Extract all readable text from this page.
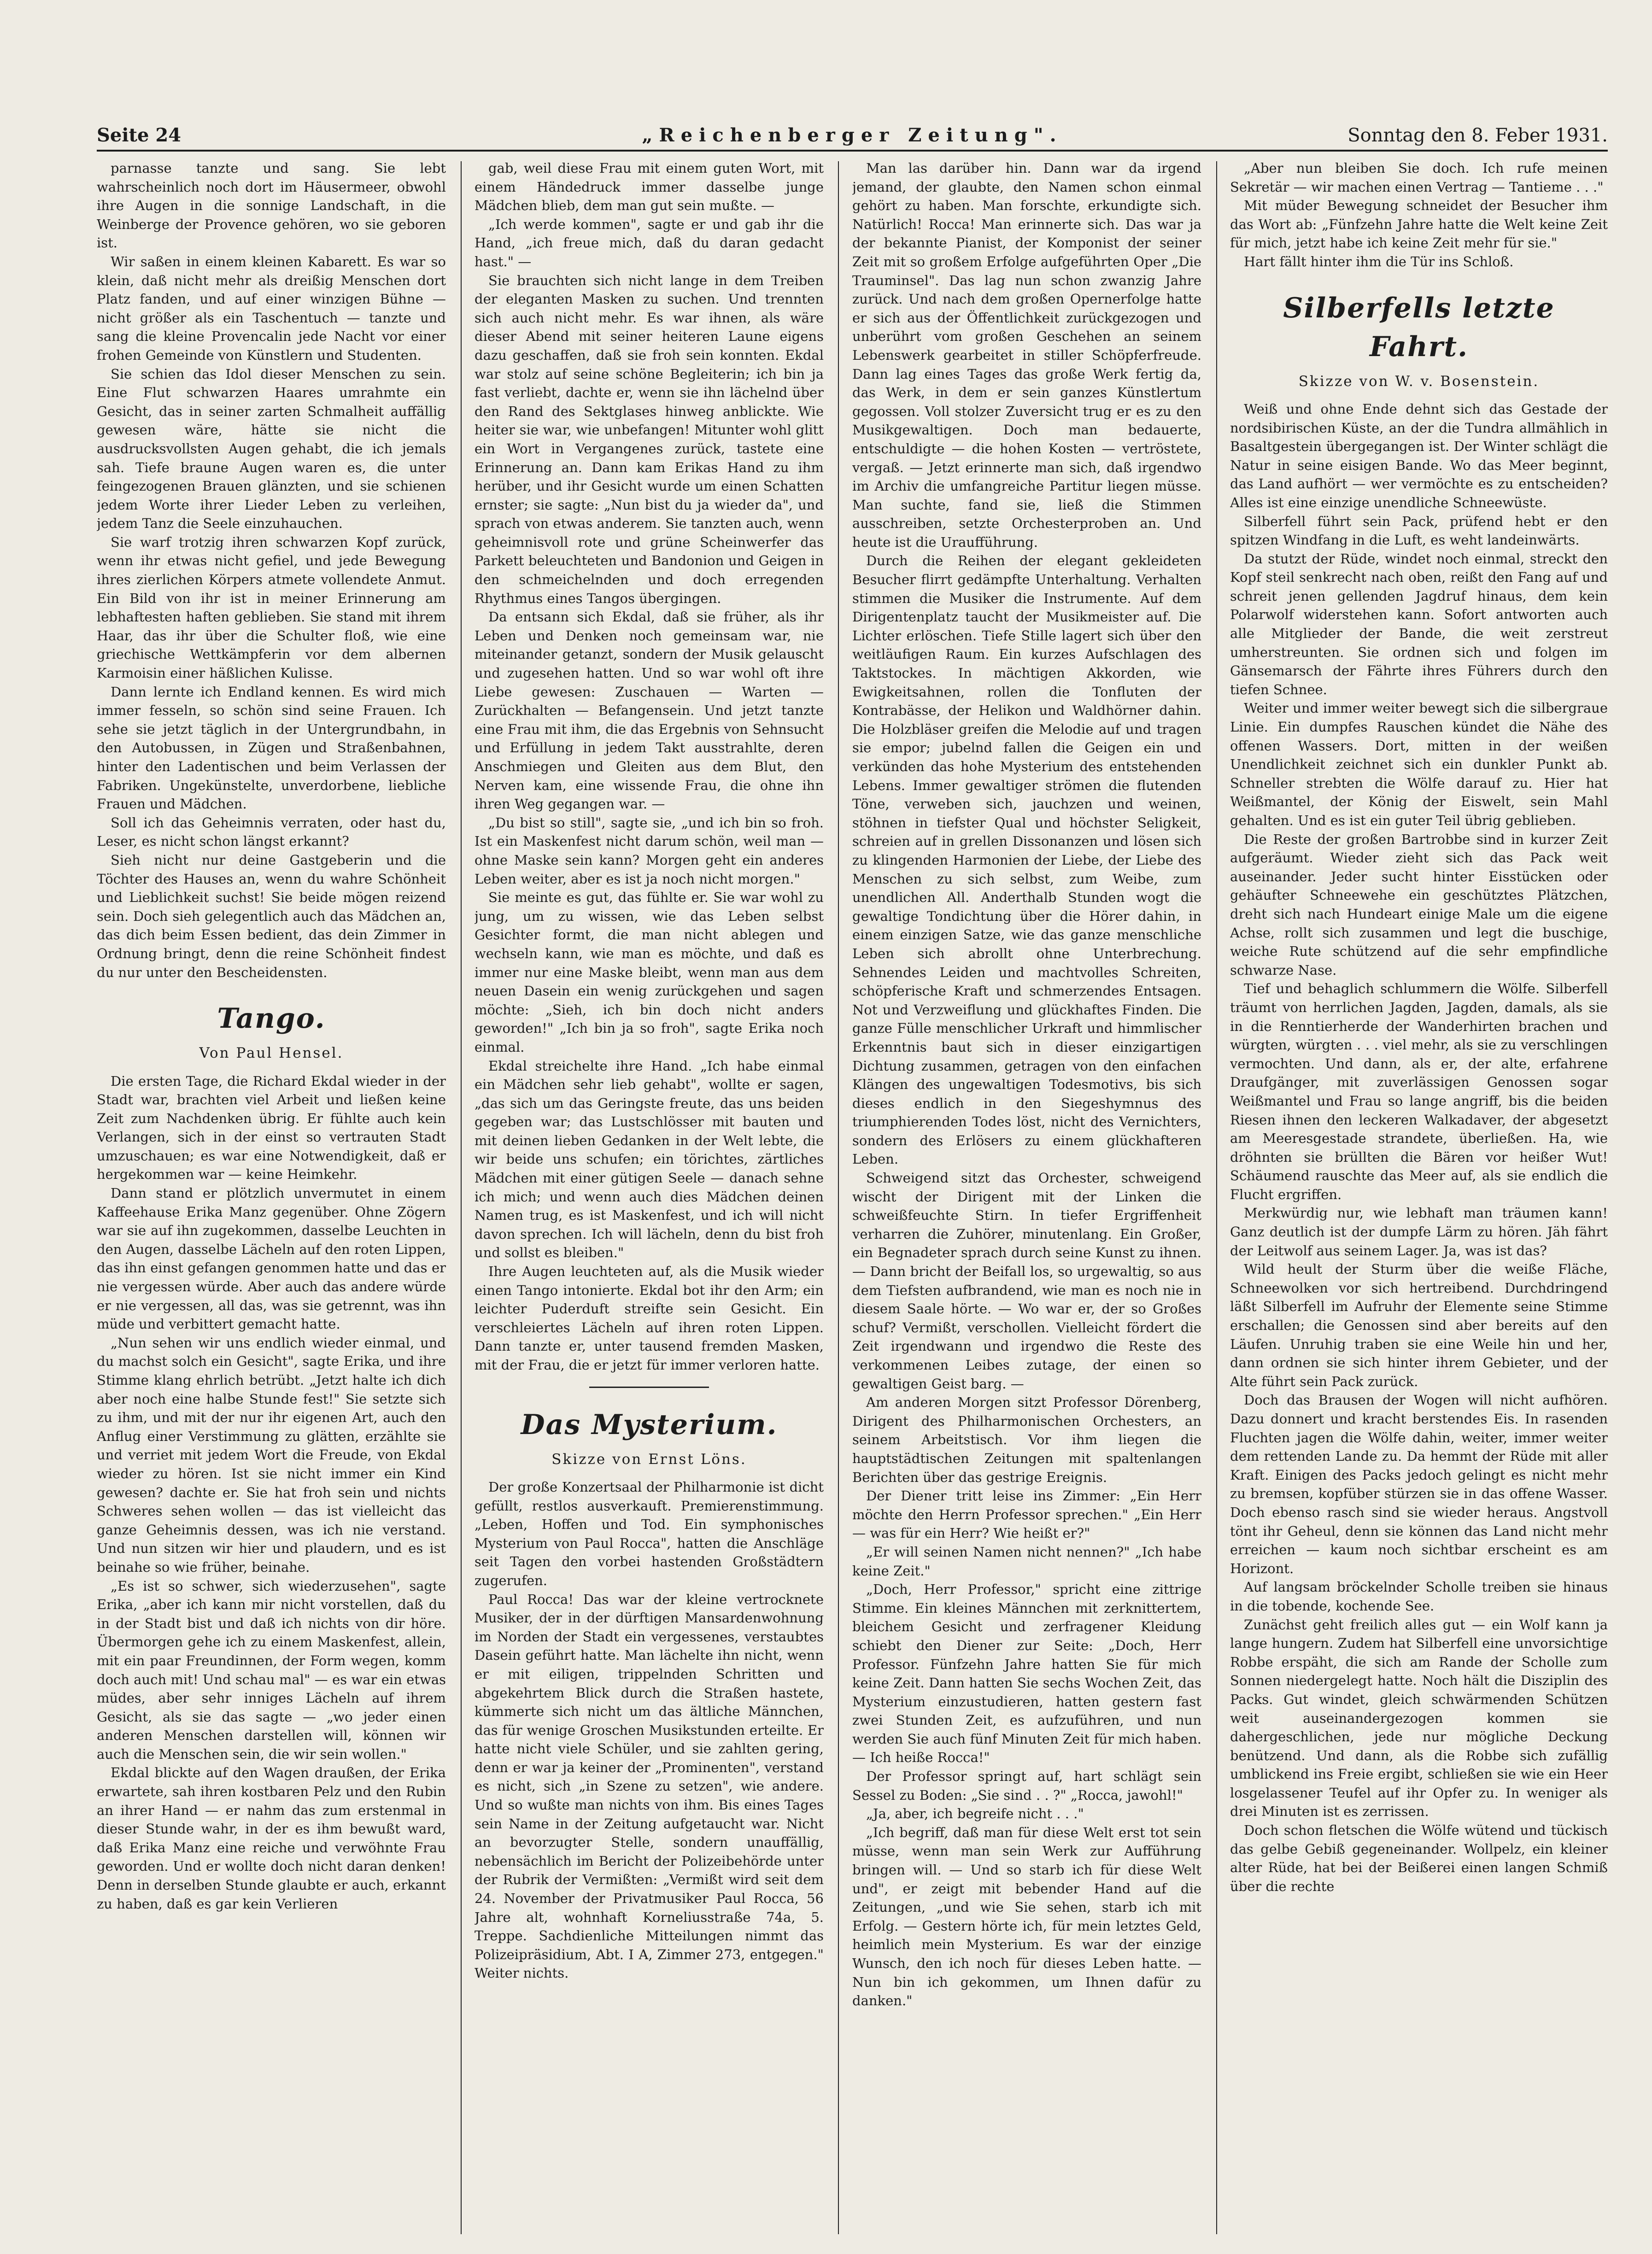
Seite 24	„Reichenberger Zeitung".	Sonntag den 8. Feber 1931.

parnasse tanzte und sang. Sie lebt wahrscheinlich noch dort im Häusermeer, obwohl ihre Augen in die sonnige Landschaft, in die Weinberge der Provence gehören, wo sie geboren ist.

Wir saßen in einem kleinen Kabarett. Es war so klein, daß nicht mehr als dreißig Menschen dort Platz fanden, und auf einer winzigen Bühne — nicht größer als ein Taschentuch — tanzte und sang die kleine Provencalin jede Nacht vor einer frohen Gemeinde von Künstlern und Studenten.

Sie schien das Idol dieser Menschen zu sein. Eine Flut schwarzen Haares umrahmte ein Gesicht, das in seiner zarten Schmalheit auffällig gewesen wäre, hätte sie nicht die ausdrucksvollsten Augen gehabt, die ich jemals sah. Tiefe braune Augen waren es, die unter feingezogenen Brauen glänzten, und sie schienen jedem Worte ihrer Lieder Leben zu verleihen, jedem Tanz die Seele einzuhauchen.

Sie warf trotzig ihren schwarzen Kopf zurück, wenn ihr etwas nicht gefiel, und jede Bewegung ihres zierlichen Körpers atmete vollendete Anmut. Ein Bild von ihr ist in meiner Erinnerung am lebhaftesten haften geblieben. Sie stand mit ihrem Haar, das ihr über die Schulter floß, wie eine griechische Wettkämpferin vor dem albernen Karmoisin einer häßlichen Kulisse.

Dann lernte ich Endland kennen. Es wird mich immer fesseln, so schön sind seine Frauen. Ich sehe sie jetzt täglich in der Untergrundbahn, in den Autobussen, in Zügen und Straßenbahnen, hinter den Ladentischen und beim Verlassen der Fabriken. Ungekünstelte, unverdorbene, liebliche Frauen und Mädchen.

Soll ich das Geheimnis verraten, oder hast du, Leser, es nicht schon längst erkannt?

Sieh nicht nur deine Gastgeberin und die Töchter des Hauses an, wenn du wahre Schönheit und Lieblichkeit suchst! Sie beide mögen reizend sein. Doch sieh gelegentlich auch das Mädchen an, das dich beim Essen bedient, das dein Zimmer in Ordnung bringt, denn die reine Schönheit findest du nur unter den Bescheidensten.

Tango.
Von Paul Hensel.

Die ersten Tage, die Richard Ekdal wieder in der Stadt war, brachten viel Arbeit und ließen keine Zeit zum Nachdenken übrig. Er fühlte auch kein Verlangen, sich in der einst so vertrauten Stadt umzuschauen; es war eine Notwendigkeit, daß er hergekommen war — keine Heimkehr.

Dann stand er plötzlich unvermutet in einem Kaffeehause Erika Manz gegenüber. Ohne Zögern war sie auf ihn zugekommen, dasselbe Leuchten in den Augen, dasselbe Lächeln auf den roten Lippen, das ihn einst gefangen genommen hatte und das er nie vergessen würde. Aber auch das andere würde er nie vergessen, all das, was sie getrennt, was ihn müde und verbittert gemacht hatte.

„Nun sehen wir uns endlich wieder einmal, und du machst solch ein Gesicht", sagte Erika, und ihre Stimme klang ehrlich betrübt. „Jetzt halte ich dich aber noch eine halbe Stunde fest!" Sie setzte sich zu ihm, und mit der nur ihr eigenen Art, auch den Anflug einer Verstimmung zu glätten, erzählte sie und verriet mit jedem Wort die Freude, von Ekdal wieder zu hören. Ist sie nicht immer ein Kind gewesen? dachte er. Sie hat froh sein und nichts Schweres sehen wollen — das ist vielleicht das ganze Geheimnis dessen, was ich nie verstand. Und nun sitzen wir hier und plaudern, und es ist beinahe so wie früher, beinahe.

„Es ist so schwer, sich wiederzusehen", sagte Erika, „aber ich kann mir nicht vorstellen, daß du in der Stadt bist und daß ich nichts von dir höre. Übermorgen gehe ich zu einem Maskenfest, allein, mit ein paar Freundinnen, der Form wegen, komm doch auch mit! Und schau mal" — es war ein etwas müdes, aber sehr inniges Lächeln auf ihrem Gesicht, als sie das sagte — „wo jeder einen anderen Menschen darstellen will, können wir auch die Menschen sein, die wir sein wollen."

Ekdal blickte auf den Wagen draußen, der Erika erwartete, sah ihren kostbaren Pelz und den Rubin an ihrer Hand — er nahm das zum erstenmal in dieser Stunde wahr, in der es ihm bewußt ward, daß Erika Manz eine reiche und verwöhnte Frau geworden. Und er wollte doch nicht daran denken! Denn in derselben Stunde glaubte er auch, erkannt zu haben, daß es gar kein Verlieren

gab, weil diese Frau mit einem guten Wort, mit einem Händedruck immer dasselbe junge Mädchen blieb, dem man gut sein mußte. —

„Ich werde kommen", sagte er und gab ihr die Hand, „ich freue mich, daß du daran gedacht hast." —

Sie brauchten sich nicht lange in dem Treiben der eleganten Masken zu suchen. Und trennten sich auch nicht mehr. Es war ihnen, als wäre dieser Abend mit seiner heiteren Laune eigens dazu geschaffen, daß sie froh sein konnten. Ekdal war stolz auf seine schöne Begleiterin; ich bin ja fast verliebt, dachte er, wenn sie ihn lächelnd über den Rand des Sektglases hinweg anblickte. Wie heiter sie war, wie unbefangen! Mitunter wohl glitt ein Wort in Vergangenes zurück, tastete eine Erinnerung an. Dann kam Erikas Hand zu ihm herüber, und ihr Gesicht wurde um einen Schatten ernster; sie sagte: „Nun bist du ja wieder da", und sprach von etwas anderem. Sie tanzten auch, wenn geheimnisvoll rote und grüne Scheinwerfer das Parkett beleuchteten und Bandonion und Geigen in den schmeichelnden und doch erregenden Rhythmus eines Tangos übergingen.

Da entsann sich Ekdal, daß sie früher, als ihr Leben und Denken noch gemeinsam war, nie miteinander getanzt, sondern der Musik gelauscht und zugesehen hatten. Und so war wohl oft ihre Liebe gewesen: Zuschauen — Warten — Zurückhalten — Befangensein. Und jetzt tanzte eine Frau mit ihm, die das Ergebnis von Sehnsucht und Erfüllung in jedem Takt ausstrahlte, deren Anschmiegen und Gleiten aus dem Blut, den Nerven kam, eine wissende Frau, die ohne ihn ihren Weg gegangen war. —

„Du bist so still", sagte sie, „und ich bin so froh. Ist ein Maskenfest nicht darum schön, weil man — ohne Maske sein kann? Morgen geht ein anderes Leben weiter, aber es ist ja noch nicht morgen."

Sie meinte es gut, das fühlte er. Sie war wohl zu jung, um zu wissen, wie das Leben selbst Gesichter formt, die man nicht ablegen und wechseln kann, wie man es möchte, und daß es immer nur eine Maske bleibt, wenn man aus dem neuen Dasein ein wenig zurückgehen und sagen möchte: „Sieh, ich bin doch nicht anders geworden!" „Ich bin ja so froh", sagte Erika noch einmal.

Ekdal streichelte ihre Hand. „Ich habe einmal ein Mädchen sehr lieb gehabt", wollte er sagen, „das sich um das Geringste freute, das uns beiden gegeben war; das Lustschlösser mit bauten und mit deinen lieben Gedanken in der Welt lebte, die wir beide uns schufen; ein törichtes, zärtliches Mädchen mit einer gütigen Seele — danach sehne ich mich; und wenn auch dies Mädchen deinen Namen trug, es ist Maskenfest, und ich will nicht davon sprechen. Ich will lächeln, denn du bist froh und sollst es bleiben."

Ihre Augen leuchteten auf, als die Musik wieder einen Tango intonierte. Ekdal bot ihr den Arm; ein leichter Puderduft streifte sein Gesicht. Ein verschleiertes Lächeln auf ihren roten Lippen. Dann tanzte er, unter tausend fremden Masken, mit der Frau, die er jetzt für immer verloren hatte.

Das Mysterium.
Skizze von Ernst Löns.

Der große Konzertsaal der Philharmonie ist dicht gefüllt, restlos ausverkauft. Premierenstimmung. „Leben, Hoffen und Tod. Ein symphonisches Mysterium von Paul Rocca", hatten die Anschläge seit Tagen den vorbei hastenden Großstädtern zugerufen.

Paul Rocca! Das war der kleine vertrocknete Musiker, der in der dürftigen Mansardenwohnung im Norden der Stadt ein vergessenes, verstaubtes Dasein geführt hatte. Man lächelte ihn nicht, wenn er mit eiligen, trippelnden Schritten und abgekehrtem Blick durch die Straßen hastete, kümmerte sich nicht um das ältliche Männchen, das für wenige Groschen Musikstunden erteilte. Er hatte nicht viele Schüler, und sie zahlten gering, denn er war ja keiner der „Prominenten", verstand es nicht, sich „in Szene zu setzen", wie andere. Und so wußte man nichts von ihm. Bis eines Tages sein Name in der Zeitung aufgetaucht war. Nicht an bevorzugter Stelle, sondern unauffällig, nebensächlich im Bericht der Polizeibehörde unter der Rubrik der Vermißten: „Vermißt wird seit dem 24. November der Privatmusiker Paul Rocca, 56 Jahre alt, wohnhaft Korneliusstraße 74a, 5. Treppe. Sachdienliche Mitteilungen nimmt das Polizeipräsidium, Abt. I A, Zimmer 273, entgegen." Weiter nichts.

Man las darüber hin. Dann war da irgend jemand, der glaubte, den Namen schon einmal gehört zu haben. Man forschte, erkundigte sich. Natürlich! Rocca! Man erinnerte sich. Das war ja der bekannte Pianist, der Komponist der seiner Zeit mit so großem Erfolge aufgeführten Oper „Die Trauminsel". Das lag nun schon zwanzig Jahre zurück. Und nach dem großen Opernerfolge hatte er sich aus der Öffentlichkeit zurückgezogen und unberührt vom großen Geschehen an seinem Lebenswerk gearbeitet in stiller Schöpferfreude. Dann lag eines Tages das große Werk fertig da, das Werk, in dem er sein ganzes Künstlertum gegossen. Voll stolzer Zuversicht trug er es zu den Musikgewaltigen. Doch man bedauerte, entschuldigte — die hohen Kosten — vertröstete, vergaß. — Jetzt erinnerte man sich, daß irgendwo im Archiv die umfangreiche Partitur liegen müsse. Man suchte, fand sie, ließ die Stimmen ausschreiben, setzte Orchesterproben an. Und heute ist die Uraufführung.

Durch die Reihen der elegant gekleideten Besucher flirrt gedämpfte Unterhaltung. Verhalten stimmen die Musiker die Instrumente. Auf dem Dirigentenplatz taucht der Musikmeister auf. Die Lichter erlöschen. Tiefe Stille lagert sich über den weitläufigen Raum. Ein kurzes Aufschlagen des Taktstockes. In mächtigen Akkorden, wie Ewigkeitsahnen, rollen die Tonfluten der Kontrabässe, der Helikon und Waldhörner dahin. Die Holzbläser greifen die Melodie auf und tragen sie empor; jubelnd fallen die Geigen ein und verkünden das hohe Mysterium des entstehenden Lebens. Immer gewaltiger strömen die flutenden Töne, verweben sich, jauchzen und weinen, stöhnen in tiefster Qual und höchster Seligkeit, schreien auf in grellen Dissonanzen und lösen sich zu klingenden Harmonien der Liebe, der Liebe des Menschen zu sich selbst, zum Weibe, zum unendlichen All. Anderthalb Stunden wogt die gewaltige Tondichtung über die Hörer dahin, in einem einzigen Satze, wie das ganze menschliche Leben sich abrollt ohne Unterbrechung. Sehnendes Leiden und machtvolles Schreiten, schöpferische Kraft und schmerzendes Entsagen. Not und Verzweiflung und glückhaftes Finden. Die ganze Fülle menschlicher Urkraft und himmlischer Erkenntnis baut sich in dieser einzigartigen Dichtung zusammen, getragen von den einfachen Klängen des ungewaltigen Todesmotivs, bis sich dieses endlich in den Siegeshymnus des triumphierenden Todes löst, nicht des Vernichters, sondern des Erlösers zu einem glückhafteren Leben.

Schweigend sitzt das Orchester, schweigend wischt der Dirigent mit der Linken die schweißfeuchte Stirn. In tiefer Ergriffenheit verharren die Zuhörer, minutenlang. Ein Großer, ein Begnadeter sprach durch seine Kunst zu ihnen. — Dann bricht der Beifall los, so urgewaltig, so aus dem Tiefsten aufbrandend, wie man es noch nie in diesem Saale hörte. — Wo war er, der so Großes schuf? Vermißt, verschollen. Vielleicht fördert die Zeit irgendwann und irgendwo die Reste des verkommenen Leibes zutage, der einen so gewaltigen Geist barg. —

Am anderen Morgen sitzt Professor Dörenberg, Dirigent des Philharmonischen Orchesters, an seinem Arbeitstisch. Vor ihm liegen die hauptstädtischen Zeitungen mit spaltenlangen Berichten über das gestrige Ereignis.

Der Diener tritt leise ins Zimmer: „Ein Herr möchte den Herrn Professor sprechen." „Ein Herr — was für ein Herr? Wie heißt er?"

„Er will seinen Namen nicht nennen?" „Ich habe keine Zeit."

„Doch, Herr Professor," spricht eine zittrige Stimme. Ein kleines Männchen mit zerknittertem, bleichem Gesicht und zerfragener Kleidung schiebt den Diener zur Seite: „Doch, Herr Professor. Fünfzehn Jahre hatten Sie für mich keine Zeit. Dann hatten Sie sechs Wochen Zeit, das Mysterium einzustudieren, hatten gestern fast zwei Stunden Zeit, es aufzuführen, und nun werden Sie auch fünf Minuten Zeit für mich haben. — Ich heiße Rocca!"

Der Professor springt auf, hart schlägt sein Sessel zu Boden: „Sie sind . . ?" „Rocca, jawohl!"

„Ja, aber, ich begreife nicht . . ."

„Ich begriff, daß man für diese Welt erst tot sein müsse, wenn man sein Werk zur Aufführung bringen will. — Und so starb ich für diese Welt und", er zeigt mit bebender Hand auf die Zeitungen, „und wie Sie sehen, starb ich mit Erfolg. — Gestern hörte ich, für mein letztes Geld, heimlich mein Mysterium. Es war der einzige Wunsch, den ich noch für dieses Leben hatte. — Nun bin ich gekommen, um Ihnen dafür zu danken."

„Aber nun bleiben Sie doch. Ich rufe meinen Sekretär — wir machen einen Vertrag — Tantieme . . ."

Mit müder Bewegung schneidet der Besucher ihm das Wort ab: „Fünfzehn Jahre hatte die Welt keine Zeit für mich, jetzt habe ich keine Zeit mehr für sie."

Hart fällt hinter ihm die Tür ins Schloß.

Silberfells letzte Fahrt.
Skizze von W. v. Bosenstein.

Weiß und ohne Ende dehnt sich das Gestade der nordsibirischen Küste, an der die Tundra allmählich in Basaltgestein übergegangen ist. Der Winter schlägt die Natur in seine eisigen Bande. Wo das Meer beginnt, das Land aufhört — wer vermöchte es zu entscheiden? Alles ist eine einzige unendliche Schneewüste.

Silberfell führt sein Pack, prüfend hebt er den spitzen Windfang in die Luft, es weht landeinwärts.

Da stutzt der Rüde, windet noch einmal, streckt den Kopf steil senkrecht nach oben, reißt den Fang auf und schreit jenen gellenden Jagdruf hinaus, dem kein Polarwolf widerstehen kann. Sofort antworten auch alle Mitglieder der Bande, die weit zerstreut umherstreunten. Sie ordnen sich und folgen im Gänsemarsch der Fährte ihres Führers durch den tiefen Schnee.

Weiter und immer weiter bewegt sich die silbergraue Linie. Ein dumpfes Rauschen kündet die Nähe des offenen Wassers. Dort, mitten in der weißen Unendlichkeit zeichnet sich ein dunkler Punkt ab. Schneller strebten die Wölfe darauf zu. Hier hat Weißmantel, der König der Eiswelt, sein Mahl gehalten. Und es ist ein guter Teil übrig geblieben.

Die Reste der großen Bartrobbe sind in kurzer Zeit aufgeräumt. Wieder zieht sich das Pack weit auseinander. Jeder sucht hinter Eisstücken oder gehäufter Schneewehe ein geschütztes Plätzchen, dreht sich nach Hundeart einige Male um die eigene Achse, rollt sich zusammen und legt die buschige, weiche Rute schützend auf die sehr empfindliche schwarze Nase.

Tief und behaglich schlummern die Wölfe. Silberfell träumt von herrlichen Jagden, Jagden, damals, als sie in die Renntierherde der Wanderhirten brachen und würgten, würgten . . . viel mehr, als sie zu verschlingen vermochten. Und dann, als er, der alte, erfahrene Draufgänger, mit zuverlässigen Genossen sogar Weißmantel und Frau so lange angriff, bis die beiden Riesen ihnen den leckeren Walkadaver, der abgesetzt am Meeresgestade strandete, überließen. Ha, wie dröhnten sie brüllten die Bären vor heißer Wut! Schäumend rauschte das Meer auf, als sie endlich die Flucht ergriffen.

Merkwürdig nur, wie lebhaft man träumen kann! Ganz deutlich ist der dumpfe Lärm zu hören. Jäh fährt der Leitwolf aus seinem Lager. Ja, was ist das?

Wild heult der Sturm über die weiße Fläche, Schneewolken vor sich hertreibend. Durchdringend läßt Silberfell im Aufruhr der Elemente seine Stimme erschallen; die Genossen sind aber bereits auf den Läufen. Unruhig traben sie eine Weile hin und her, dann ordnen sie sich hinter ihrem Gebieter, und der Alte führt sein Pack zurück.

Doch das Brausen der Wogen will nicht aufhören. Dazu donnert und kracht berstendes Eis. In rasenden Fluchten jagen die Wölfe dahin, weiter, immer weiter dem rettenden Lande zu. Da hemmt der Rüde mit aller Kraft. Einigen des Packs jedoch gelingt es nicht mehr zu bremsen, kopfüber stürzen sie in das offene Wasser. Doch ebenso rasch sind sie wieder heraus. Angstvoll tönt ihr Geheul, denn sie können das Land nicht mehr erreichen — kaum noch sichtbar erscheint es am Horizont.

Auf langsam bröckelnder Scholle treiben sie hinaus in die tobende, kochende See.

Zunächst geht freilich alles gut — ein Wolf kann ja lange hungern. Zudem hat Silberfell eine unvorsichtige Robbe erspäht, die sich am Rande der Scholle zum Sonnen niedergelegt hatte. Noch hält die Disziplin des Packs. Gut windet, gleich schwärmenden Schützen weit auseinandergezogen kommen sie dahergeschlichen, jede nur mögliche Deckung benützend. Und dann, als die Robbe sich zufällig umblickend ins Freie ergibt, schließen sie wie ein Heer losgelassener Teufel auf ihr Opfer zu. In weniger als drei Minuten ist es zerrissen.

Doch schon fletschen die Wölfe wütend und tückisch das gelbe Gebiß gegeneinander. Wollpelz, ein kleiner alter Rüde, hat bei der Beißerei einen langen Schmiß über die rechte
